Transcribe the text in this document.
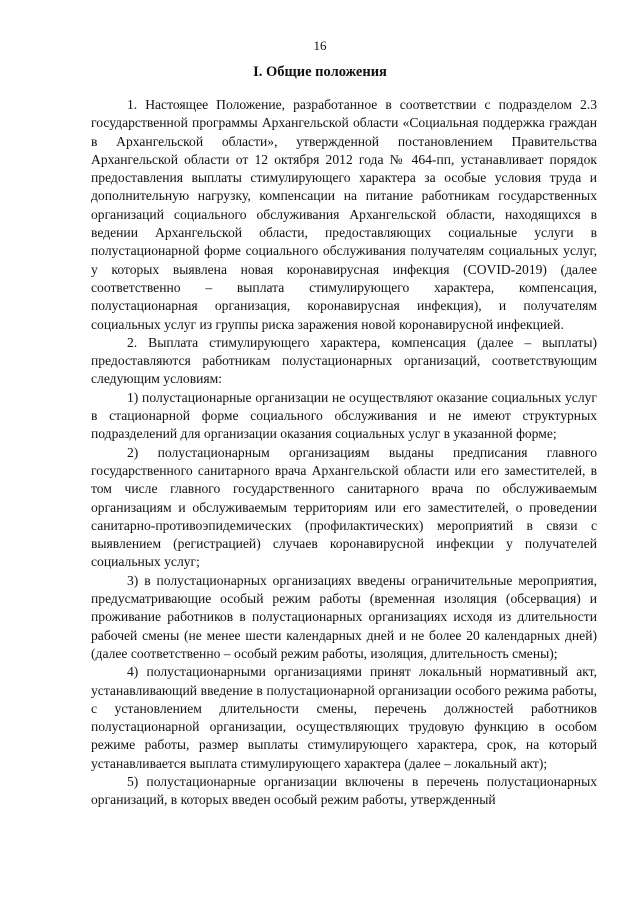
16
I. Общие положения

1. Настоящее Положение, разработанное в соответствии с подразделом 2.3 государственной программы Архангельской области «Социальная поддержка граждан в Архангельской области», утвержденной постановлением Правительства Архангельской области от 12 октября 2012 года № 464-пп, устанавливает порядок предоставления выплаты стимулирующего характера за особые условия труда и дополнительную нагрузку, компенсации на питание работникам государственных организаций социального обслуживания Архангельской области, находящихся в ведении Архангельской области, предоставляющих социальные услуги в полустационарной форме социального обслуживания получателям социальных услуг, у которых выявлена новая коронавирусная инфекция (COVID-2019) (далее соответственно – выплата стимулирующего характера, компенсация, полустационарная организация, коронавирусная инфекция), и получателям социальных услуг из группы риска заражения новой коронавирусной инфекцией.

2. Выплата стимулирующего характера, компенсация (далее – выплаты) предоставляются работникам полустационарных организаций, соответствующим следующим условиям:

1) полустационарные организации не осуществляют оказание социальных услуг в стационарной форме социального обслуживания и не имеют структурных подразделений для организации оказания социальных услуг в указанной форме;

2) полустационарным организациям выданы предписания главного государственного санитарного врача Архангельской области или его заместителей, в том числе главного государственного санитарного врача по обслуживаемым организациям и обслуживаемым территориям или его заместителей, о проведении санитарно-противоэпидемических (профилактических) мероприятий в связи с выявлением (регистрацией) случаев коронавирусной инфекции у получателей социальных услуг;

3) в полустационарных организациях введены ограничительные мероприятия, предусматривающие особый режим работы (временная изоляция (обсервация) и проживание работников в полустационарных организациях исходя из длительности рабочей смены (не менее шести календарных дней и не более 20 календарных дней) (далее соответственно – особый режим работы, изоляция, длительность смены);

4) полустационарными организациями принят локальный нормативный акт, устанавливающий введение в полустационарной организации особого режима работы, с установлением длительности смены, перечень должностей работников полустационарной организации, осуществляющих трудовую функцию в особом режиме работы, размер выплаты стимулирующего характера, срок, на который устанавливается выплата стимулирующего характера (далее – локальный акт);

5) полустационарные организации включены в перечень полустационарных организаций, в которых введен особый режим работы, утвержденный
